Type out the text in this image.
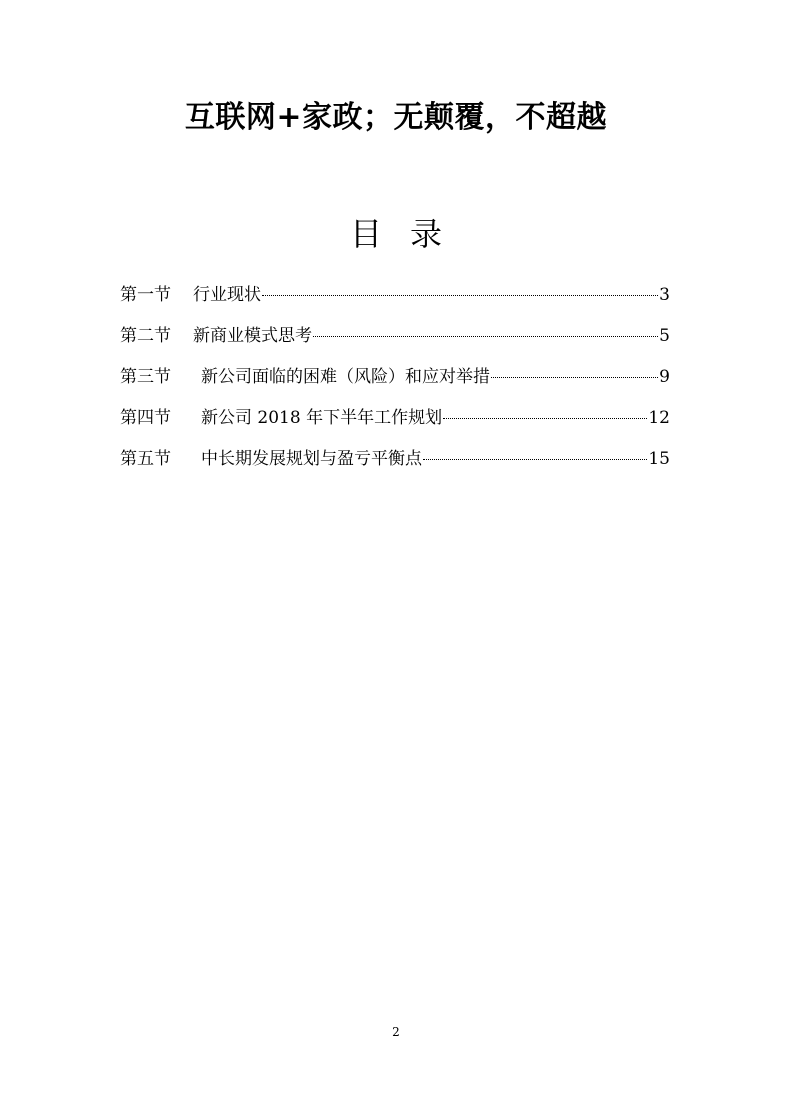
互联网+家政；无颠覆，不超越
目 录
第一节 行业现状	3
第二节 新商业模式思考	5
第三节 新公司面临的困难（风险）和应对举措	9
第四节 新公司 2018 年下半年工作规划	12
第五节 中长期发展规划与盈亏平衡点	15
2
